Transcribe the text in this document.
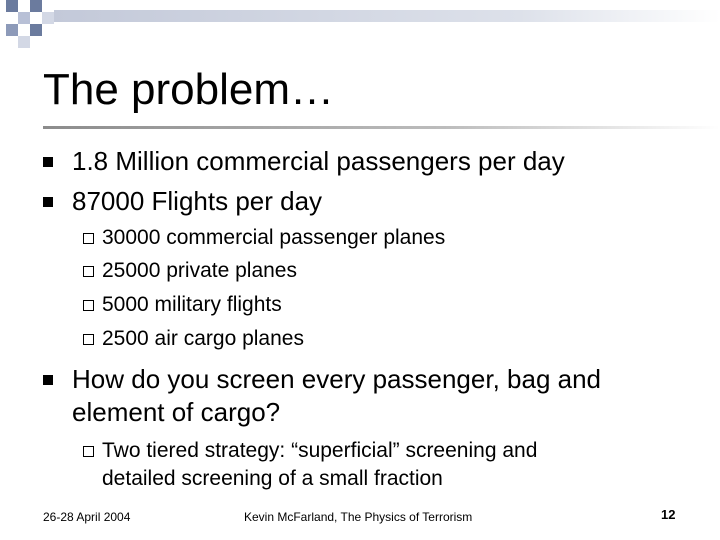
The problem…
1.8 Million commercial passengers per day
87000 Flights per day
30000 commercial passenger planes
25000 private planes
5000 military flights
2500 air cargo planes
How do you screen every passenger, bag and
element of cargo?
Two tiered strategy: “superficial” screening and
detailed screening of a small fraction
26-28 April 2004	Kevin McFarland, The Physics of Terrorism	12
